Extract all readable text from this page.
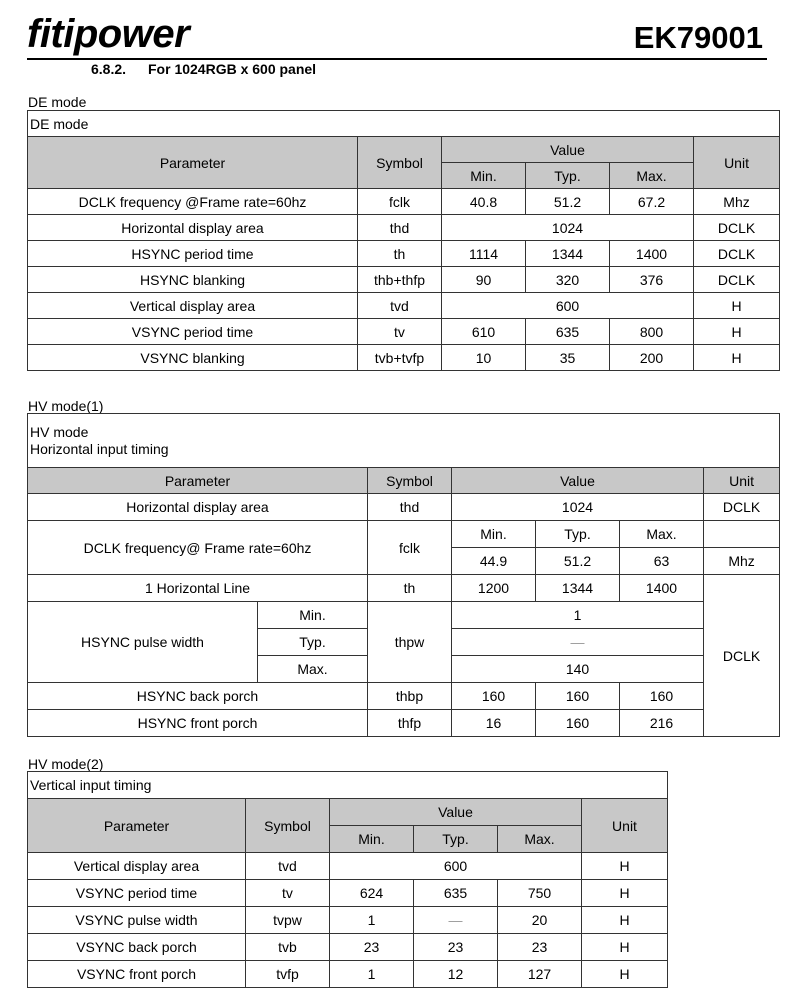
fitipower	EK79001
6.8.2. For 1024RGB x 600 panel
DE mode
DE mode					
Parameter	Symbol	Value			Unit
		Min.	Typ.	Max.	
DCLK frequency @Frame rate=60hz	fclk	40.8	51.2	67.2	Mhz
Horizontal display area	thd	1024			DCLK
HSYNC period time	th	1114	1344	1400	DCLK
HSYNC blanking	thb+thfp	90	320	376	DCLK
Vertical display area	tvd	600			H
VSYNC period time	tv	610	635	800	H
VSYNC blanking	tvb+tvfp	10	35	200	H
HV mode(1)
HV mode
Horizontal input timing						

Parameter		Symbol	Value			Unit
Horizontal display area		thd	1024			DCLK
DCLK frequency@ Frame rate=60hz		fclk	Min.	Typ.	Max.	
			44.9	51.2	63	Mhz
1 Horizontal Line		th	1200	1344	1400	DCLK
HSYNC pulse width	Min.	thpw	1			
	Typ.		—			
	Max.		140			
HSYNC back porch		thbp	160	160	160	
HSYNC front porch		thfp	16	160	216	
HV mode(2)
Vertical input timing					
Parameter	Symbol	Value			Unit
		Min.	Typ.	Max.	
Vertical display area	tvd	600			H
VSYNC period time	tv	624	635	750	H
VSYNC pulse width	tvpw	1	—	20	H
VSYNC back porch	tvb	23	23	23	H
VSYNC front porch	tvfp	1	12	127	H
